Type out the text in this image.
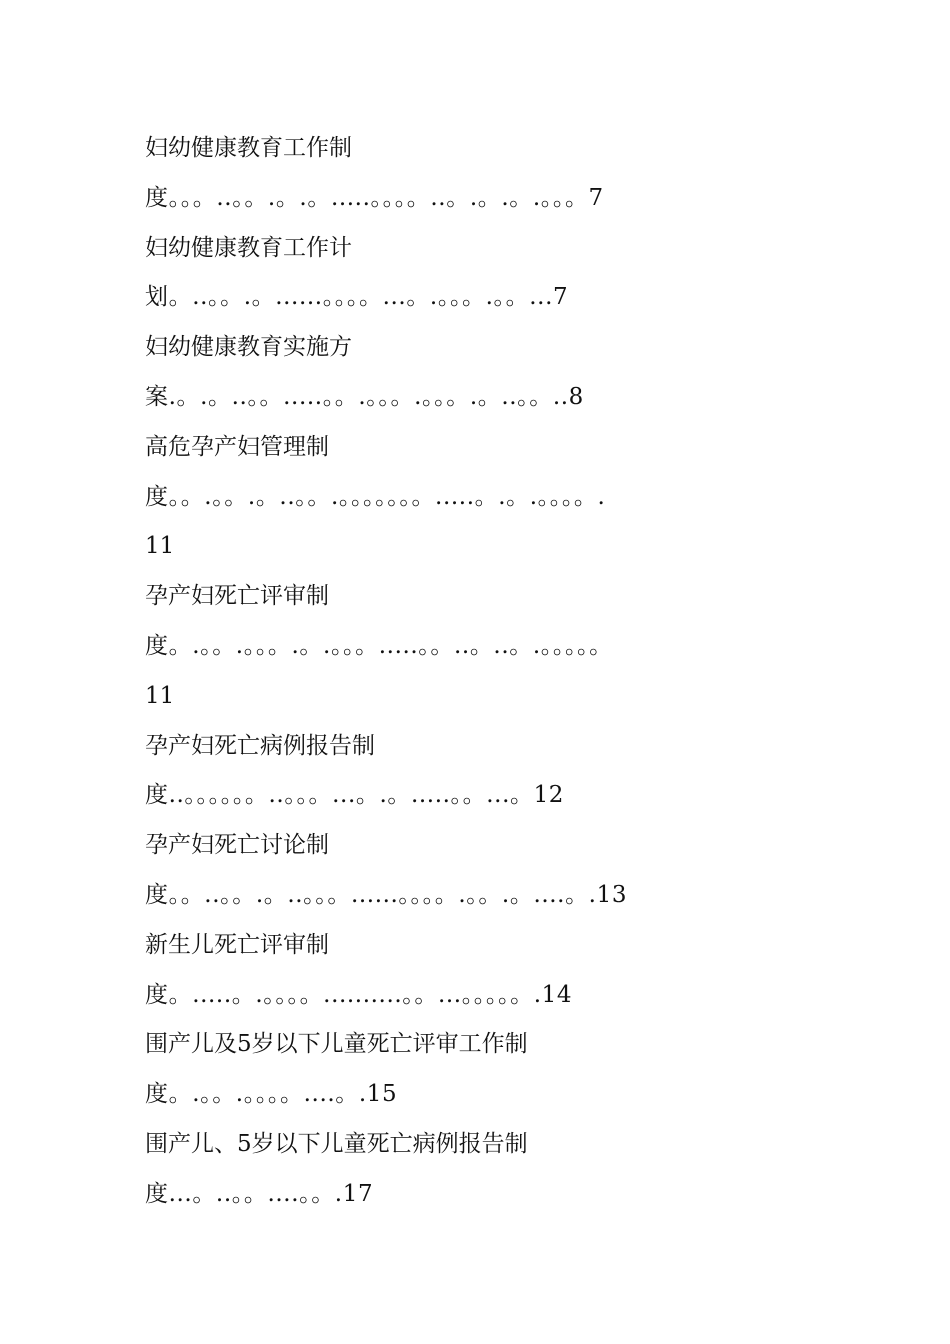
妇幼健康教育工作制
度。。。..。。.。.。.....。。。。..。.。.。.。。。7
妇幼健康教育工作计
划。..。。.。......。。。。...。.。。。.。。...7
妇幼健康教育实施方
案.。.。..。。.....。。.。。。.。。。.。..。。..8
高危孕产妇管理制
度。。.。。.。..。。.。。。。。。。.....。.。.。。。。.
11
孕产妇死亡评审制
度。.。。.。。。.。.。。。.....。。..。..。.。。。。。
11
孕产妇死亡病例报告制
度..。。。。。。..。。。...。.。.....。。...。12
孕产妇死亡讨论制
度。。..。。.。..。。。......。。。。.。。.。....。.13
新生儿死亡评审制
度。.....。.。。。。..........。。...。。。。。.14
围产儿及5岁以下儿童死亡评审工作制
度。.。。.。。。。....。.15
围产儿、5岁以下儿童死亡病例报告制
度...。..。。....。。.17
